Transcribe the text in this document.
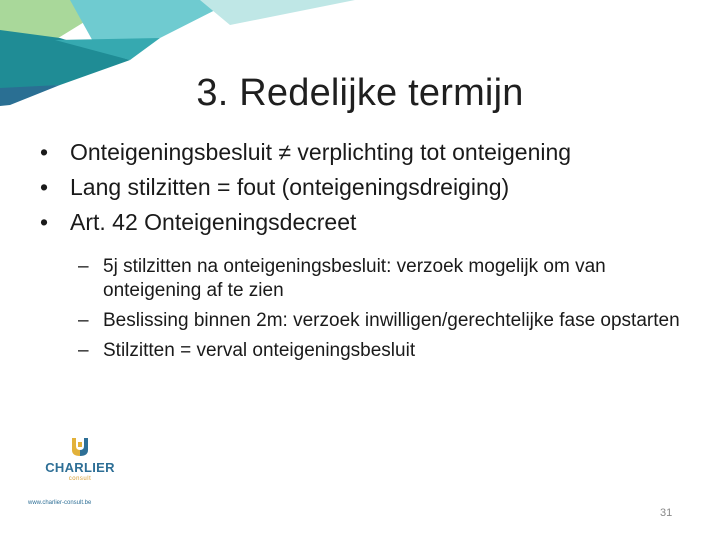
3. Redelijke termijn
• Onteigeningsbesluit ≠ verplichting tot onteigening
• Lang stilzitten = fout (onteigeningsdreiging)
• Art. 42 Onteigeningsdecreet
– 5j stilzitten na onteigeningsbesluit: verzoek mogelijk om van onteigening af te zien
– Beslissing binnen 2m: verzoek inwilligen/gerechtelijke fase opstarten
– Stilzitten = verval onteigeningsbesluit
CHARLIER
consult
www.charlier-consult.be
31
